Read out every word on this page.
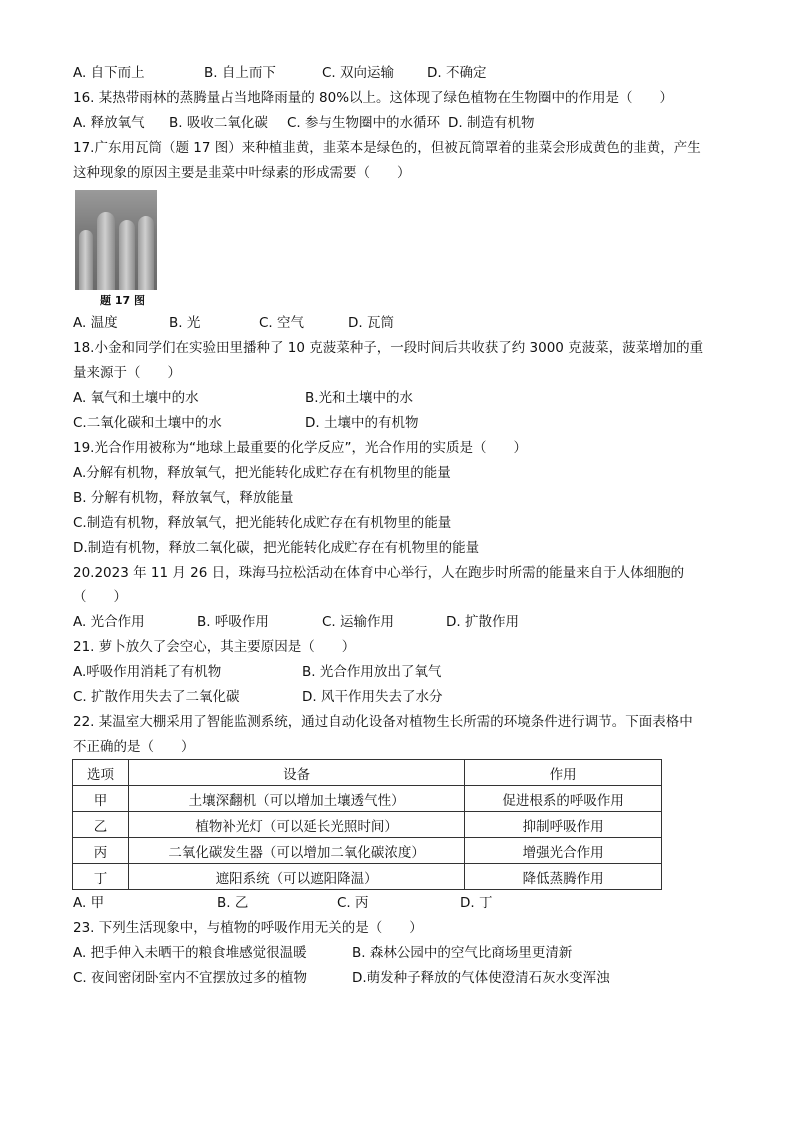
A. 自下而上	B. 自上而下	C. 双向运输 D. 不确定
16. 某热带雨林的蒸腾量占当地降雨量的 80%以上。这体现了绿色植物在生物圈中的作用是（　　）
A. 释放氧气 B. 吸收二氧化碳 C. 参与生物圈中的水循环 D. 制造有机物
17.广东用瓦筒（题 17 图）来种植韭黄，韭菜本是绿色的，但被瓦筒罩着的韭菜会形成黄色的韭黄，产生
这种现象的原因主要是韭菜中叶绿素的形成需要（　　）
题 17 图
A. 温度	B. 光	C. 空气	D. 瓦筒
18.小金和同学们在实验田里播种了 10 克菠菜种子，一段时间后共收获了约 3000 克菠菜，菠菜增加的重
量来源于（　　）
A. 氧气和土壤中的水	B.光和土壤中的水
C.二氧化碳和土壤中的水	D. 土壤中的有机物
19.光合作用被称为“地球上最重要的化学反应”，光合作用的实质是（　　）
A.分解有机物，释放氧气，把光能转化成贮存在有机物里的能量
B. 分解有机物，释放氧气，释放能量
C.制造有机物，释放氧气，把光能转化成贮存在有机物里的能量
D.制造有机物，释放二氧化碳，把光能转化成贮存在有机物里的能量
20.2023 年 11 月 26 日，珠海马拉松活动在体育中心举行，人在跑步时所需的能量来自于人体细胞的
（　　）
A. 光合作用	B. 呼吸作用	C. 运输作用	D. 扩散作用
21. 萝卜放久了会空心，其主要原因是（　　）
A.呼吸作用消耗了有机物	B. 光合作用放出了氧气
C. 扩散作用失去了二氧化碳	D. 风干作用失去了水分
22. 某温室大棚采用了智能监测系统，通过自动化设备对植物生长所需的环境条件进行调节。下面表格中
不正确的是（　　）
选项	设备	作用
甲	土壤深翻机（可以增加土壤透气性）	促进根系的呼吸作用
乙	植物补光灯（可以延长光照时间）	抑制呼吸作用
丙	二氧化碳发生器（可以增加二氧化碳浓度）	增强光合作用
丁	遮阳系统（可以遮阳降温）	降低蒸腾作用
A. 甲	B. 乙	C. 丙	D. 丁
23. 下列生活现象中，与植物的呼吸作用无关的是（　　）
A. 把手伸入未晒干的粮食堆感觉很温暖	B. 森林公园中的空气比商场里更清新
C. 夜间密闭卧室内不宜摆放过多的植物	D.萌发种子释放的气体使澄清石灰水变浑浊
